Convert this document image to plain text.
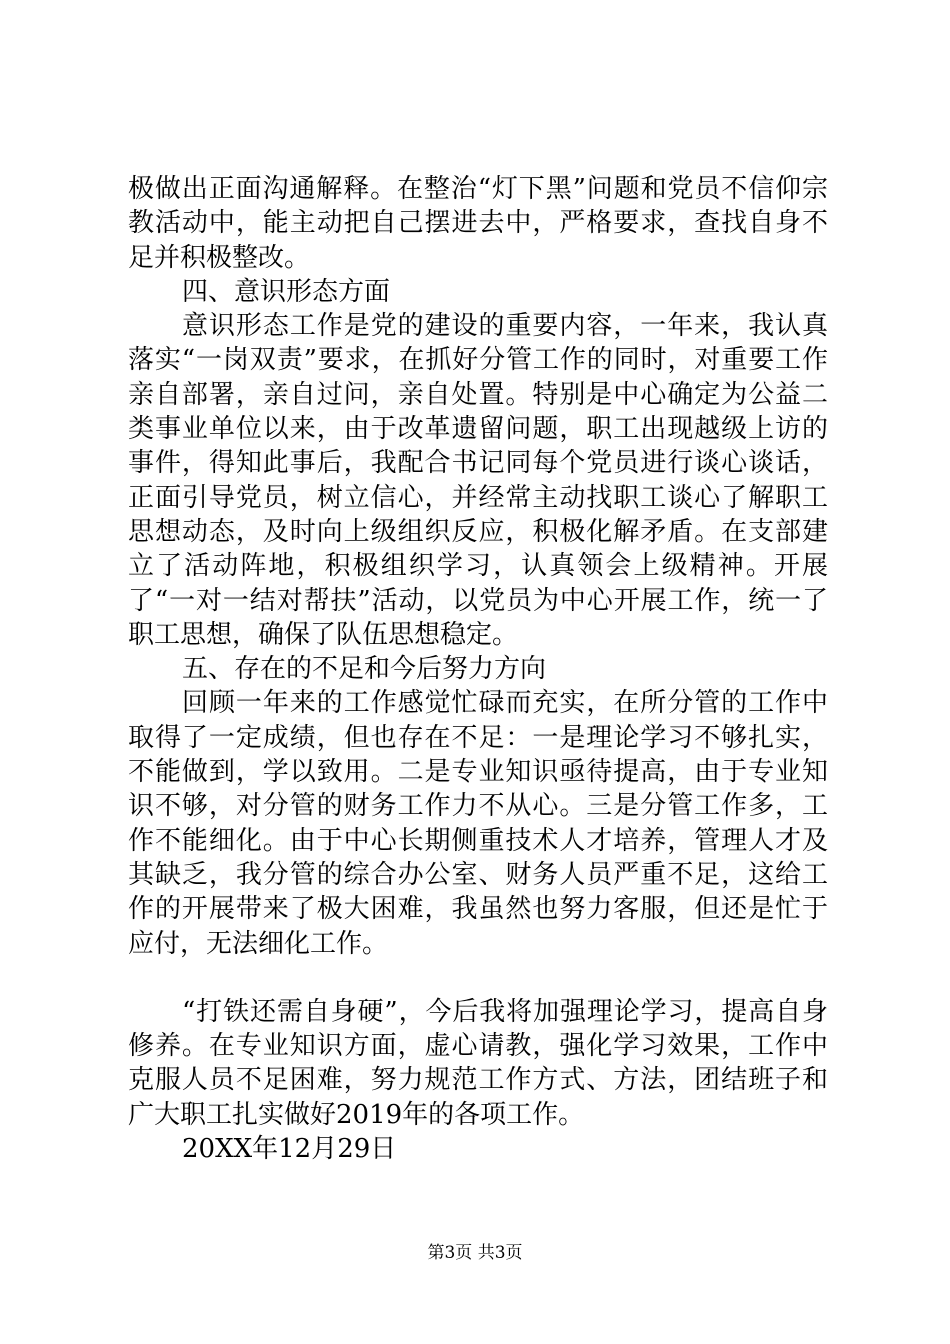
极做出正面沟通解释。在整治“灯下黑”问题和党员不信仰宗教活动中，能主动把自己摆进去中，严格要求，查找自身不足并积极整改。

四、意识形态方面

意识形态工作是党的建设的重要内容，一年来，我认真落实“一岗双责”要求，在抓好分管工作的同时，对重要工作亲自部署，亲自过问，亲自处置。特别是中心确定为公益二类事业单位以来，由于改革遗留问题，职工出现越级上访的事件，得知此事后，我配合书记同每个党员进行谈心谈话，正面引导党员，树立信心，并经常主动找职工谈心了解职工思想动态，及时向上级组织反应，积极化解矛盾。在支部建立了活动阵地，积极组织学习，认真领会上级精神。开展了“一对一结对帮扶”活动，以党员为中心开展工作，统一了职工思想，确保了队伍思想稳定。

五、存在的不足和今后努力方向

回顾一年来的工作感觉忙碌而充实，在所分管的工作中取得了一定成绩，但也存在不足：一是理论学习不够扎实，不能做到，学以致用。二是专业知识亟待提高，由于专业知识不够，对分管的财务工作力不从心。三是分管工作多，工作不能细化。由于中心长期侧重技术人才培养，管理人才及其缺乏，我分管的综合办公室、财务人员严重不足，这给工作的开展带来了极大困难，我虽然也努力客服，但还是忙于应付，无法细化工作。

“打铁还需自身硬”，今后我将加强理论学习，提高自身修养。在专业知识方面，虚心请教，强化学习效果，工作中克服人员不足困难，努力规范工作方式、方法，团结班子和广大职工扎实做好2019年的各项工作。

20XX年12月29日

第3页 共3页
